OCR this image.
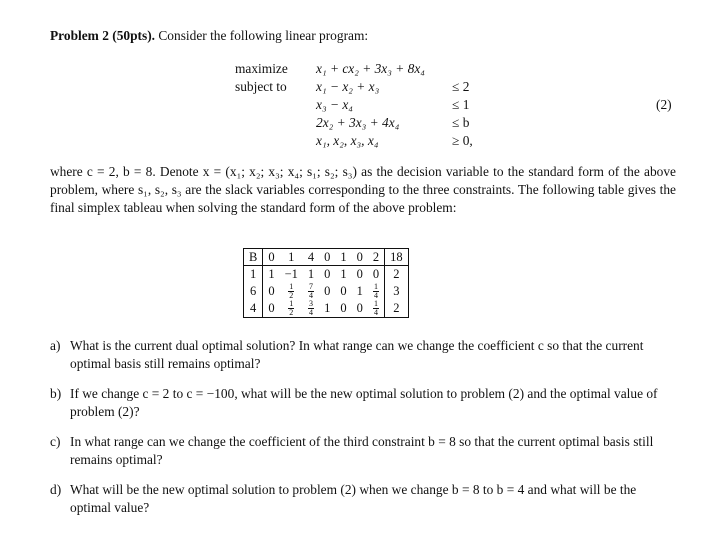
Problem 2 (50pts). Consider the following linear program:
maximize
subject to
x₁ + cx₂ + 3x₃ + 8x₄
x₁ − x₂ + x₃	≤ 2
x₃ − x₄	≤ 1
2x₂ + 3x₃ + 4x₄	≤ b
x₁, x₂, x₃, x₄	≥ 0,
(2)
where c = 2, b = 8. Denote x = (x₁; x₂; x₃; x₄; s₁; s₂; s₃) as the decision variable to the standard form of the above problem, where s₁, s₂, s₃ are the slack variables corresponding to the three constraints. The following table gives the final simplex tableau when solving the standard form of the above problem:
B	0	1	4	0	1	0	2	18
1	1	−1	1	0	1	0	0	2
6	0	$\frac{1}{2}$	$\frac{7}{4}$	0	0	1	$\frac{1}{4}$	3
4	0	$\frac{1}{2}$	$\frac{3}{4}$	1	0	0	$\frac{1}{4}$	2
a) What is the current dual optimal solution? In what range can we change the coefficient c so that the current optimal basis still remains optimal?
b) If we change c = 2 to c = −100, what will be the new optimal solution to problem (2) and the optimal value of problem (2)?
c) In what range can we change the coefficient of the third constraint b = 8 so that the current optimal basis still remains optimal?
d) What will be the new optimal solution to problem (2) when we change b = 8 to b = 4 and what will be the optimal value?
